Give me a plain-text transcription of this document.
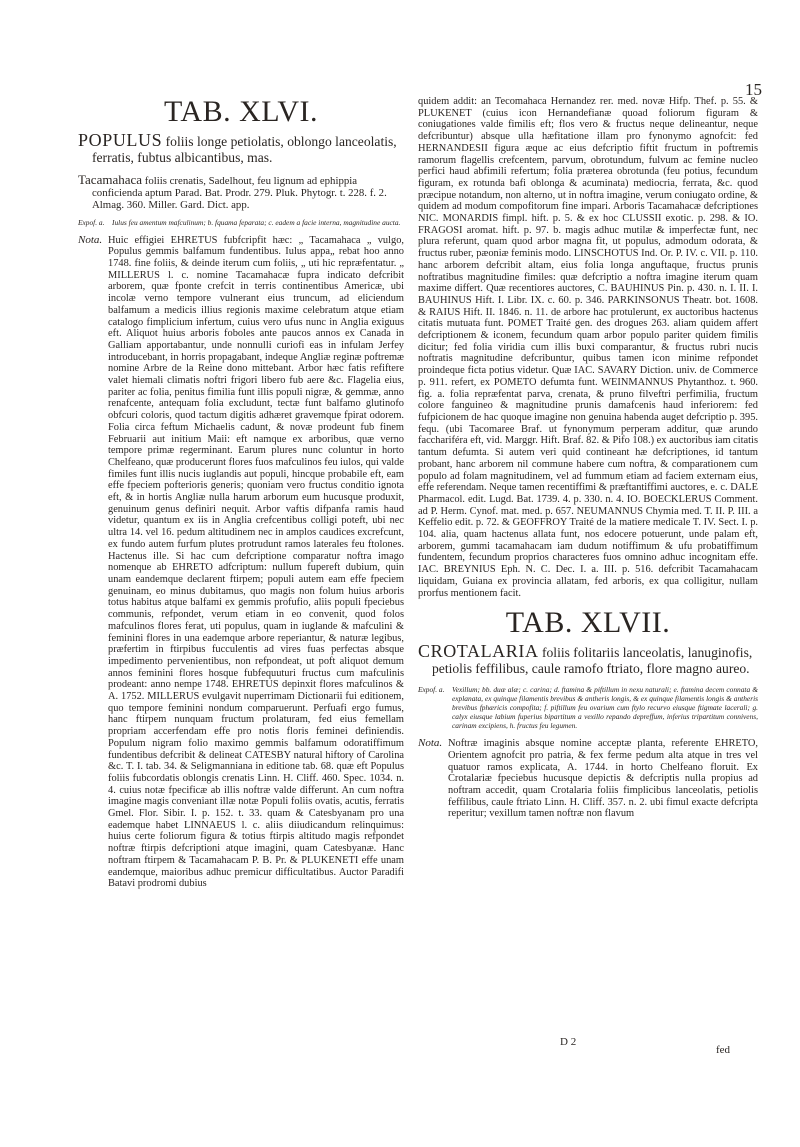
15
TAB. XLVI.
POPULUS foliis longe petiolatis, oblongo lanceolatis, ferratis, fubtus albicantibus, mas.
Tacamahaca foliis crenatis, Sadelhout, feu lignum ad ephippia conficienda aptum Parad. Bat. Prodr. 279. Pluk. Phytogr. t. 228. f. 2. Almag. 360. Miller. Gard. Dict. app.
Expof. a. Iulus feu amentum mafculinum; b. fquama feparata; c. eadem a facie interna, magnitudine aucta.
Nota. Huic effigiei EHRETUS fubfcripfit hæc: „ Tacamahaca „ vulgo, Populus gemmis balfamum fundentibus. Iulus appa„ rebat hoo anno 1748. fine foliis, & deinde iterum cum foliis, „ uti hic repræfentatur. „ MILLERUS l. c. nomine Tacamahacæ fupra indicato defcribit arborem, quæ fponte crefcit in terris continentibus Americæ, ubi incolæ verno tempore vulnerant eius truncum, ad eliciendum balfamum a medicis illius regionis maxime celebratum atque etiam catalogo fimplicium infertum, cuius vero ufus nunc in Anglia exiguus eft. Aliquot huius arboris foboles ante paucos annos ex Canada in Galliam apportabantur, unde nonnulli curiofi eas in infulam Jerfey introducebant, in horris propagabant, indeque Angliæ reginæ poftremæ nomine Arbre de la Reine dono mittebant. Arbor hæc fatis refiftere valet hiemali climatis noftri frigori libero fub aere &c. Flagelia eius, pariter ac folia, penitus fimilia funt illis populi nigræ, & gemmæ, anno renafcente, antequam folia excludunt, tectæ funt balfamo glutinofo obfcuri coloris, quod tactum digitis adhæret gravemque fpirat odorem. Folia circa feftum Michaelis cadunt, & novæ prodeunt fub finem Februarii aut initium Maii: eft namque ex arboribus, quæ verno tempore primæ regerminant. Earum plures nunc coluntur in horto Chelfeano, quæ producerunt flores fuos mafculinos feu iulos, qui valde fimiles funt illis nucis iuglandis aut populi, hincque probabile eft, eam effe fpeciem pofterioris generis; quoniam vero fructus conditio ignota eft, & in hortis Angliæ nulla harum arborum eum hucusque produxit, genuinum genus definiri nequit. Arbor vaftis difpanfa ramis haud videtur, quantum ex iis in Anglia crefcentibus colligi poteft, ubi nec ultra 14. vel 16. pedum altitudinem nec in amplos caudices excrefcunt, ex fundo autem furfum plutes protrudunt ramos laterales feu ftolones. Hactenus ille. Si hac cum defcriptione comparatur noftra imago nomenque ab EHRETO adfcriptum: nullum fupereft dubium, quin unam eandemque declarent ftirpem; populi autem eam effe fpeciem genuinam, eo minus dubitamus, quo magis non folum huius arboris totus habitus atque balfami ex gemmis profufio, aliis populi fpeciebus communis, refpondet, verum etiam in eo convenit, quod folos mafculinos flores ferat, uti populus, quam in iuglande & mafculini & feminini flores in una eademque arbore reperiantur, & naturæ legibus, præfertim in ftirpibus fucculentis ad vires fuas perfectas absque impedimento pervenientibus, non refpondeat, ut poft aliquot demum annos feminini flores hosque fubfequuturi fructus cum mafculinis prodeant: anno nempe 1748. EHRETUS depinxit flores mafculinos & A. 1752. MILLERUS evulgavit nuperrimam Dictionarii fui editionem, quo tempore feminini nondum comparuerunt. Perfuafi ergo fumus, hanc ftirpem nunquam fructum prolaturam, fed eius femellam propriam accerfendam effe pro notis floris feminei definiendis. Populum nigram folio maximo gemmis balfamum odoratiffimum fundentibus defcribit & delineat CATESBY natural hiftory of Carolina &c. T. I. tab. 34. & Seligmanniana in editione tab. 68. quæ eft Populus foliis fubcordatis oblongis crenatis Linn. H. Cliff. 460. Spec. 1034. n. 4. cuius notæ fpecificæ ab illis noftræ valde differunt. An cum noftra imagine magis conveniant illæ notæ Populi foliis ovatis, acutis, ferratis Gmel. Flor. Sibir. I. p. 152. t. 33. quam & Catesbyanam pro una eademque habet LINNAEUS l. c. aliis diiudicandum relinquimus: huius certe foliorum figura & totius ftirpis altitudo magis refpondet noftræ ftirpis defcriptioni atque imagini, quam Catesbyanæ. Hanc noftram ftirpem & Tacamahacam P. B. Pr. & PLUKENETI effe unam eandemque, maioribus adhuc premicur difficultatibus. Auctor Paradifi Batavi prodromi dubius
quidem addit: an Tecomahaca Hernandez rer. med. novæ Hifp. Thef. p. 55. & PLUKENET (cuius icon Hernandefianæ quoad foliorum figuram & coniugationes valde fimilis eft; flos vero & fructus neque delineantur, neque defcribuntur) absque ulla hæfitatione illam pro fynonymo agnofcit: fed HERNANDESII figura æque ac eius defcriptio fiftit fructum in poftremis ramorum flagellis crefcentem, parvum, obrotundum, fulvum ac femine nucleo perfici haud abfimili refertum; folia præterea obrotunda (feu potius, fecundum figuram, ex rotunda bafi oblonga & acuminata) mediocria, ferrata, &c. quod præcipue notandum, non alterno, ut in noftra imagine, verum coniugato ordine, & quidem ad modum compofitorum fine impari. Arboris Tacamahacæ defcriptiones NIC. MONARDIS fimpl. hift. p. 5. & ex hoc CLUSSII exotic. p. 298. & IO. FRAGOSI aromat. hift. p. 97. b. magis adhuc mutilæ & imperfectæ funt, nec plura referunt, quam quod arbor magna fit, ut populus, admodum odorata, & fructus ruber, pæoniæ feminis modo. LINSCHOTUS Ind. Or. P. IV. c. VII. p. 110. hanc arborem defcribit altam, eius folia longa anguftaque, fructus prunis noftratibus magnitudine fimiles: quæ defcriptio a noftra imagine iterum quam maxime differt. Quæ recentiores auctores, C. BAUHINUS Pin. p. 430. n. I. II. I. BAUHINUS Hift. I. Libr. IX. c. 60. p. 346. PARKINSONUS Theatr. bot. 1608. & RAIUS Hift. II. 1846. n. 11. de arbore hac protulerunt, ex auctoribus hactenus citatis mutuata funt. POMET Traité gen. des drogues 263. aliam quidem affert defcriptionem & iconem, fecundum quam arbor populo pariter quidem fimilis dicitur; fed folia viridia cum illis buxi comparantur, & fructus rubri nucis noftratis magnitudine defcribuntur, quibus tamen icon minime refpondet proindeque ficta potius videtur. Quæ IAC. SAVARY Diction. univ. de Commerce p. 911. refert, ex POMETO defumta funt. WEINMANNUS Phytanthoz. t. 960. fig. a. folia repræfentat parva, crenata, & pruno filveftri perfimilia, fructum colore fanguineo & magnitudine prunis damafcenis haud inferiorem: fed fufpicionem de hac quoque imagine non genuina habenda auget defcriptio p. 395. fequ. (ubi Tacomaree Braf. ut fynonymum perperam additur, quæ arundo facchariféra eft, vid. Marggr. Hift. Braf. 82. & Pifo 108.) ex auctoribus iam citatis tantum defumta. Si autem veri quid contineant hæ defcriptiones, id tantum probant, hanc arborem nil commune habere cum noftra, & comparationem cum populo ad folam magnitudinem, vel ad fummum etiam ad faciem externam eius, effe referendam. Neque tamen recentiffimi & præftantiffimi auctores, e. c. DALE Pharmacol. edit. Lugd. Bat. 1739. 4. p. 330. n. 4. IO. BOECKLERUS Comment. ad P. Herm. Cynof. mat. med. p. 657. NEUMANNUS Chymia med. T. II. P. III. a Keffelio edit. p. 72. & GEOFFROY Traité de la matiere medicale T. IV. Sect. I. p. 104. alia, quam hactenus allata funt, nos edocere potuerunt, unde palam eft, arborem, gummi tacamahacam iam dudum notiffimum & ufu probatiffimum fundentem, fecundum proprios characteres fuos omnino adhuc incognitam effe. IAC. BREYNIUS Eph. N. C. Dec. I. a. III. p. 516. defcribit Tacamahacam liquidam, Guiana ex provincia allatam, fed arboris, ex qua colligitur, nullam prorfus mentionem facit.
TAB. XLVII.
CROTALARIA foliis folitariis lanceolatis, lanuginofis, petiolis feffilibus, caule ramofo ftriato, flore magno aureo.
Expof. a. Vexillum; bb. duæ alæ; c. carina; d. ftamina & piftillum in nexu naturali; e. ftamina decem connata & explanata, ex quinque filamentis brevibus & antheris longis, & ex quinque filamentis longis & antheris brevibus fphæricis compofita; f. piftillum feu ovarium cum ftylo recurvo eiusque ftigmate lacerali; g. calyx eiusque labium fuperius bipartitum a vexillo repando depreffum, inferius tripartitum connivens, carinam excipiens, h. fructus feu legumen.
Nota. Noftræ imaginis absque nomine acceptæ planta, referente EHRETO, Orientem agnofcit pro patria, & fex ferme pedum alta atque in tres vel quatuor ramos explicata, A. 1744. in horto Chelfeano floruit. Ex Crotalariæ fpeciebus hucusque depictis & defcriptis nulla propius ad noftram accedit, quam Crotalaria foliis fimplicibus lanceolatis, petiolis feffilibus, caule ftriato Linn. H. Cliff. 357. n. 2. ubi fimul exacte defcripta reperitur; vexillum tamen noftræ non flavum
D 2
fed
